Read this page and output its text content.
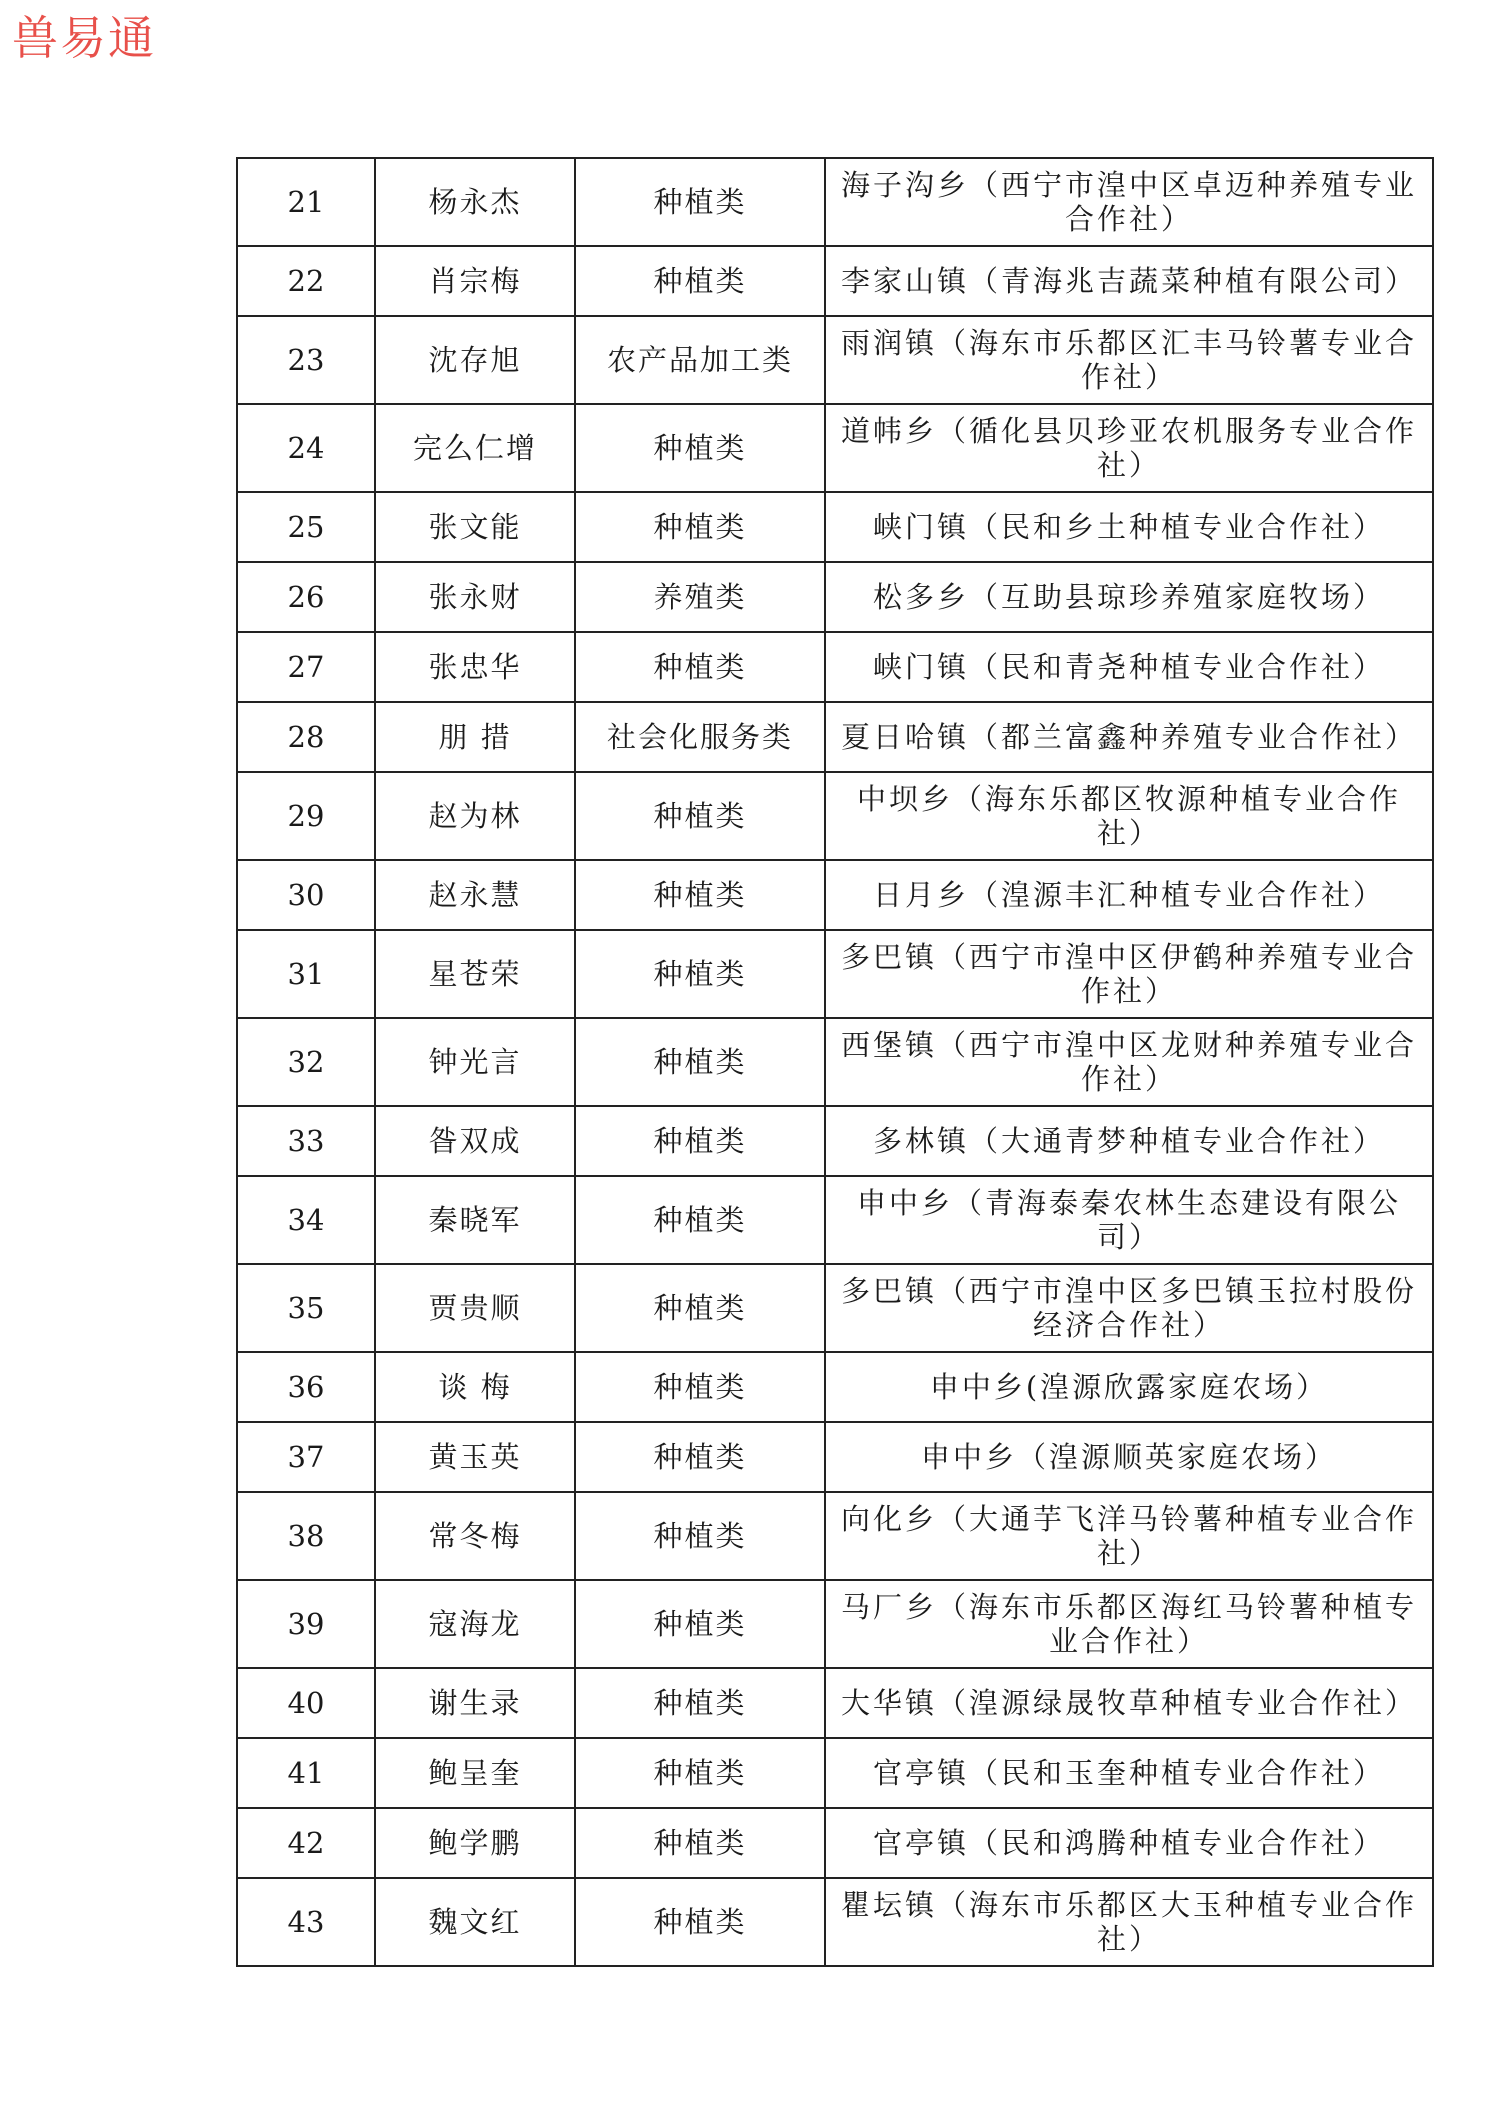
兽易通
21	杨永杰	种植类	海子沟乡（西宁市湟中区卓迈种养殖专业合作社）
22	肖宗梅	种植类	李家山镇（青海兆吉蔬菜种植有限公司）
23	沈存旭	农产品加工类	雨润镇（海东市乐都区汇丰马铃薯专业合作社）
24	完么仁增	种植类	道帏乡（循化县贝珍亚农机服务专业合作社）
25	张文能	种植类	峡门镇（民和乡土种植专业合作社）
26	张永财	养殖类	松多乡（互助县琼珍养殖家庭牧场）
27	张忠华	种植类	峡门镇（民和青尧种植专业合作社）
28	朋 措	社会化服务类	夏日哈镇（都兰富鑫种养殖专业合作社）
29	赵为林	种植类	中坝乡（海东乐都区牧源种植专业合作社）
30	赵永慧	种植类	日月乡（湟源丰汇种植专业合作社）
31	星苍荣	种植类	多巴镇（西宁市湟中区伊鹤种养殖专业合作社）
32	钟光言	种植类	西堡镇（西宁市湟中区龙财种养殖专业合作社）
33	昝双成	种植类	多林镇（大通青梦种植专业合作社）
34	秦晓军	种植类	申中乡（青海泰秦农林生态建设有限公司）
35	贾贵顺	种植类	多巴镇（西宁市湟中区多巴镇玉拉村股份经济合作社）
36	谈 梅	种植类	申中乡(湟源欣露家庭农场）
37	黄玉英	种植类	申中乡（湟源顺英家庭农场）
38	常冬梅	种植类	向化乡（大通芋飞洋马铃薯种植专业合作社）
39	寇海龙	种植类	马厂乡（海东市乐都区海红马铃薯种植专业合作社）
40	谢生录	种植类	大华镇（湟源绿晟牧草种植专业合作社）
41	鲍呈奎	种植类	官亭镇（民和玉奎种植专业合作社）
42	鲍学鹏	种植类	官亭镇（民和鸿腾种植专业合作社）
43	魏文红	种植类	瞿坛镇（海东市乐都区大玉种植专业合作社）
